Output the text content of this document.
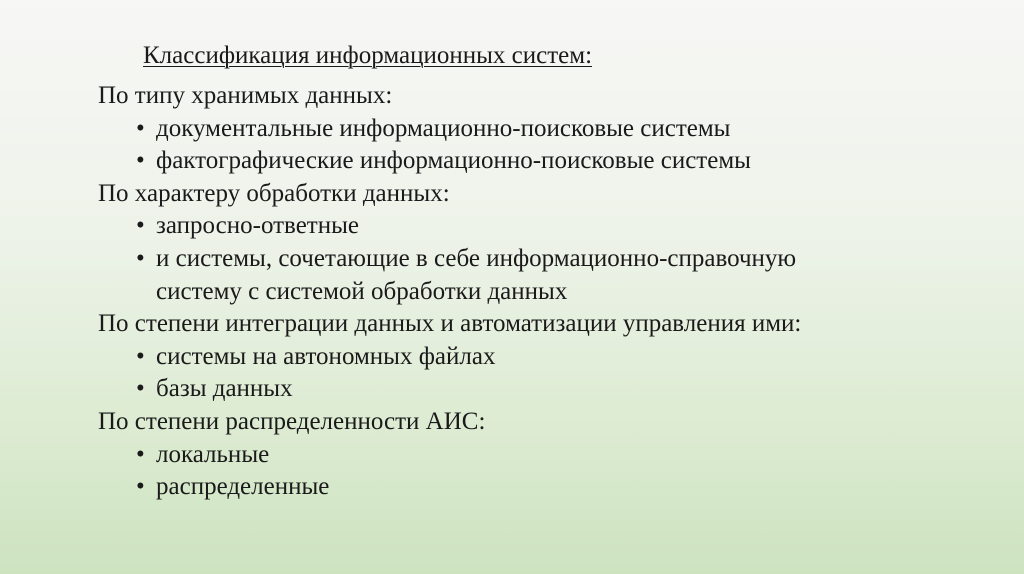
Классификация информационных систем:
По типу хранимых данных:
• документальные информационно-поисковые системы
• фактографические информационно-поисковые системы
По характеру обработки данных:
• запросно-ответные
• и системы, сочетающие в себе информационно-справочную
систему с системой обработки данных
По степени интеграции данных и автоматизации управления ими:
• системы на автономных файлах
• базы данных
По степени распределенности АИС:
• локальные
• распределенные
